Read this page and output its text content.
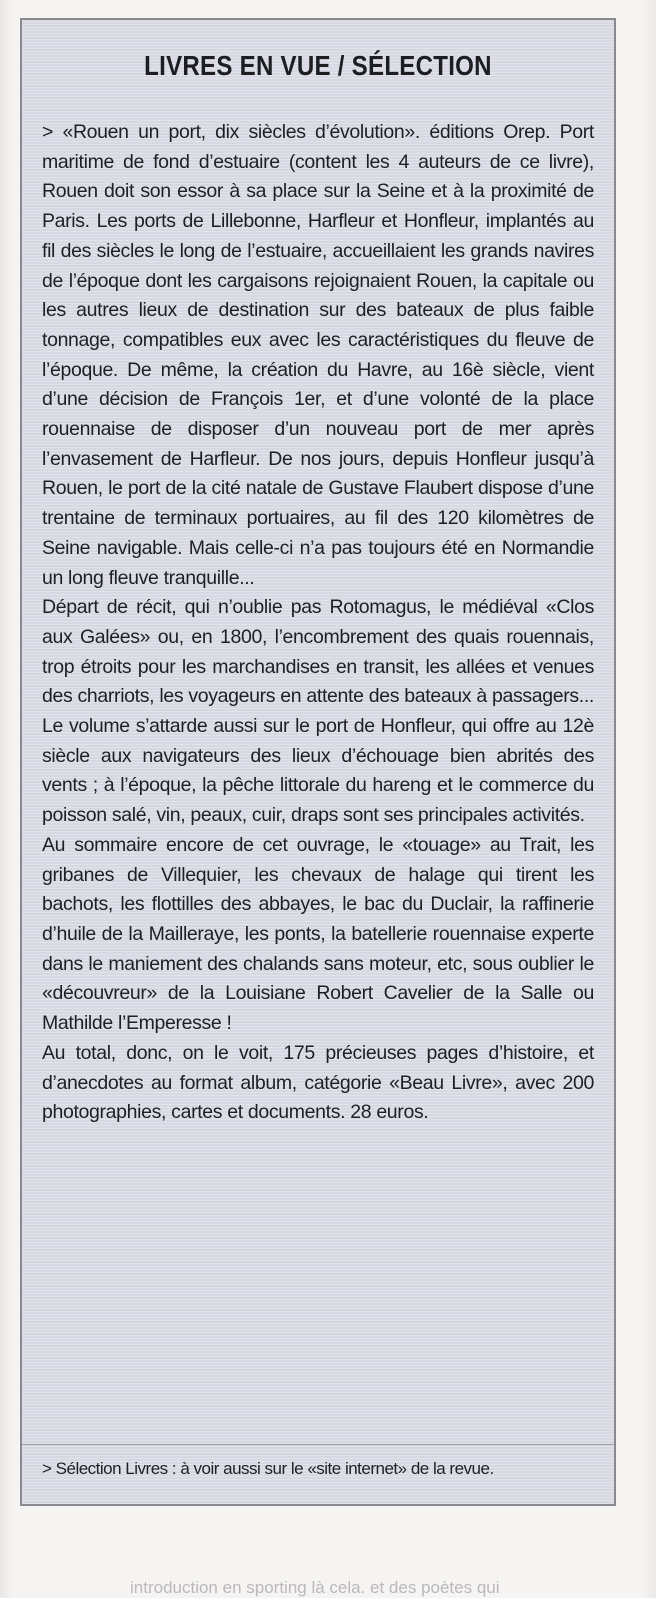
LIVRES EN VUE / SÉLECTION

> «Rouen un port, dix siècles d’évolution». éditions Orep. Port maritime de fond d’estuaire (content les 4 auteurs de ce livre), Rouen doit son essor à sa place sur la Seine et à la proximité de Paris. Les ports de Lillebonne, Harfleur et Honfleur, implantés au fil des siècles le long de l’estuaire, accueillaient les grands navires de l’époque dont les cargaisons rejoignaient Rouen, la capitale ou les autres lieux de destination sur des bateaux de plus faible tonnage, compatibles eux avec les caractéristiques du fleuve de l’époque. De même, la création du Havre, au 16è siècle, vient d’une décision de François 1er, et d’une volonté de la place rouennaise de disposer d’un nouveau port de mer après l’envasement de Harfleur. De nos jours, depuis Honfleur jusqu’à Rouen, le port de la cité natale de Gustave Flaubert dispose d’une trentaine de terminaux portuaires, au fil des 120 kilomètres de Seine navigable. Mais celle-ci n’a pas toujours été en Normandie un long fleuve tranquille...

Départ de récit, qui n’oublie pas Rotomagus, le médiéval «Clos aux Galées» ou, en 1800, l’encombrement des quais rouennais, trop étroits pour les marchandises en transit, les allées et venues des charriots, les voyageurs en attente des bateaux à passagers... Le volume s’attarde aussi sur le port de Honfleur, qui offre au 12è siècle aux navigateurs des lieux d’échouage bien abrités des vents ; à l’époque, la pêche littorale du hareng et le commerce du poisson salé, vin, peaux, cuir, draps sont ses principales activités.

Au sommaire encore de cet ouvrage, le «touage» au Trait, les gribanes de Villequier, les chevaux de halage qui tirent les bachots, les flottilles des abbayes, le bac du Duclair, la raffinerie d’huile de la Mailleraye, les ponts, la batellerie rouennaise experte dans le maniement des chalands sans moteur, etc, sous oublier le «découvreur» de la Louisiane Robert Cavelier de la Salle ou Mathilde l’Emperesse !

Au total, donc, on le voit, 175 précieuses pages d’histoire, et d’anecdotes au format album, catégorie «Beau Livre», avec 200 photographies, cartes et documents. 28 euros.

> Sélection Livres : à voir aussi sur le «site internet» de la revue.
introduction en sporting là cela. et des poètes qui
